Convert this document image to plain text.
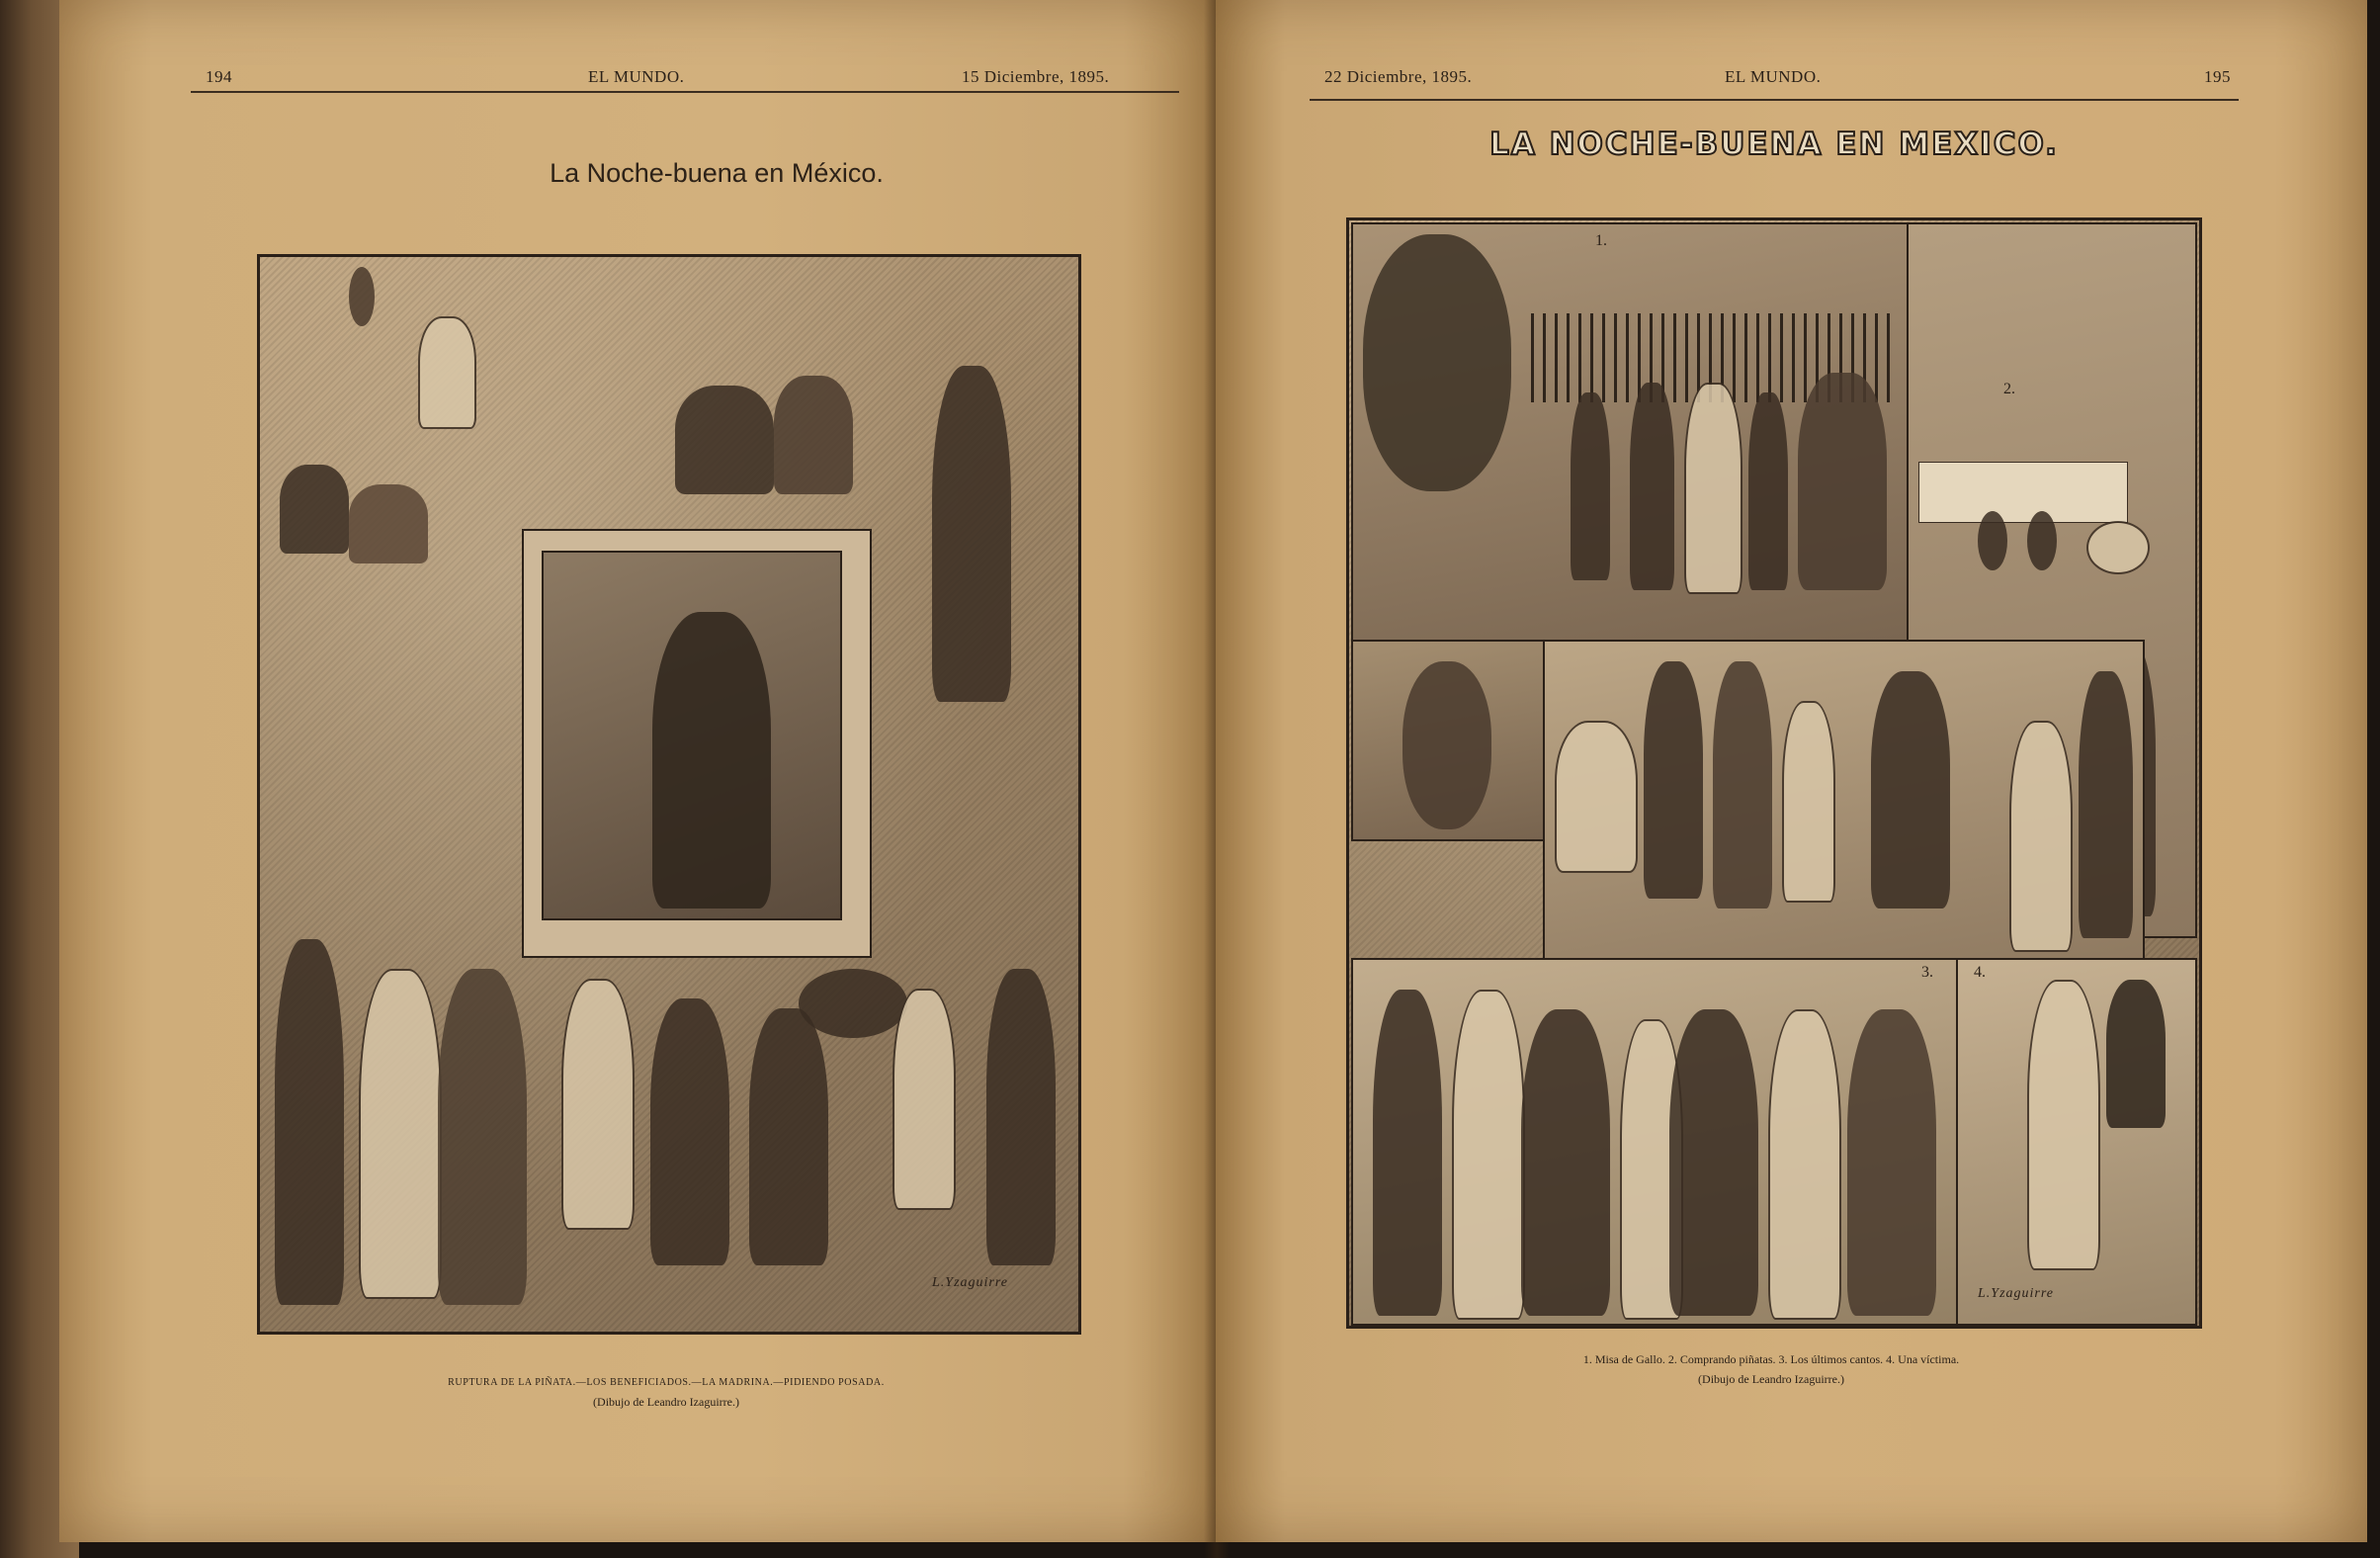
194	EL MUNDO.	15 Diciembre, 1895.
La Noche-buena en México.
L.Yzaguirre
RUPTURA DE LA PIÑATA.—LOS BENEFICIADOS.—LA MADRINA.—PIDIENDO POSADA.
(Dibujo de Leandro Izaguirre.)
22 Diciembre, 1895.	EL MUNDO.	195
LA NOCHE-BUENA EN MEXICO.
1.
2.
3.	4.
L.Yzaguirre
1. Misa de Gallo. 2. Comprando piñatas. 3. Los últimos cantos. 4. Una víctima.
(Dibujo de Leandro Izaguirre.)
